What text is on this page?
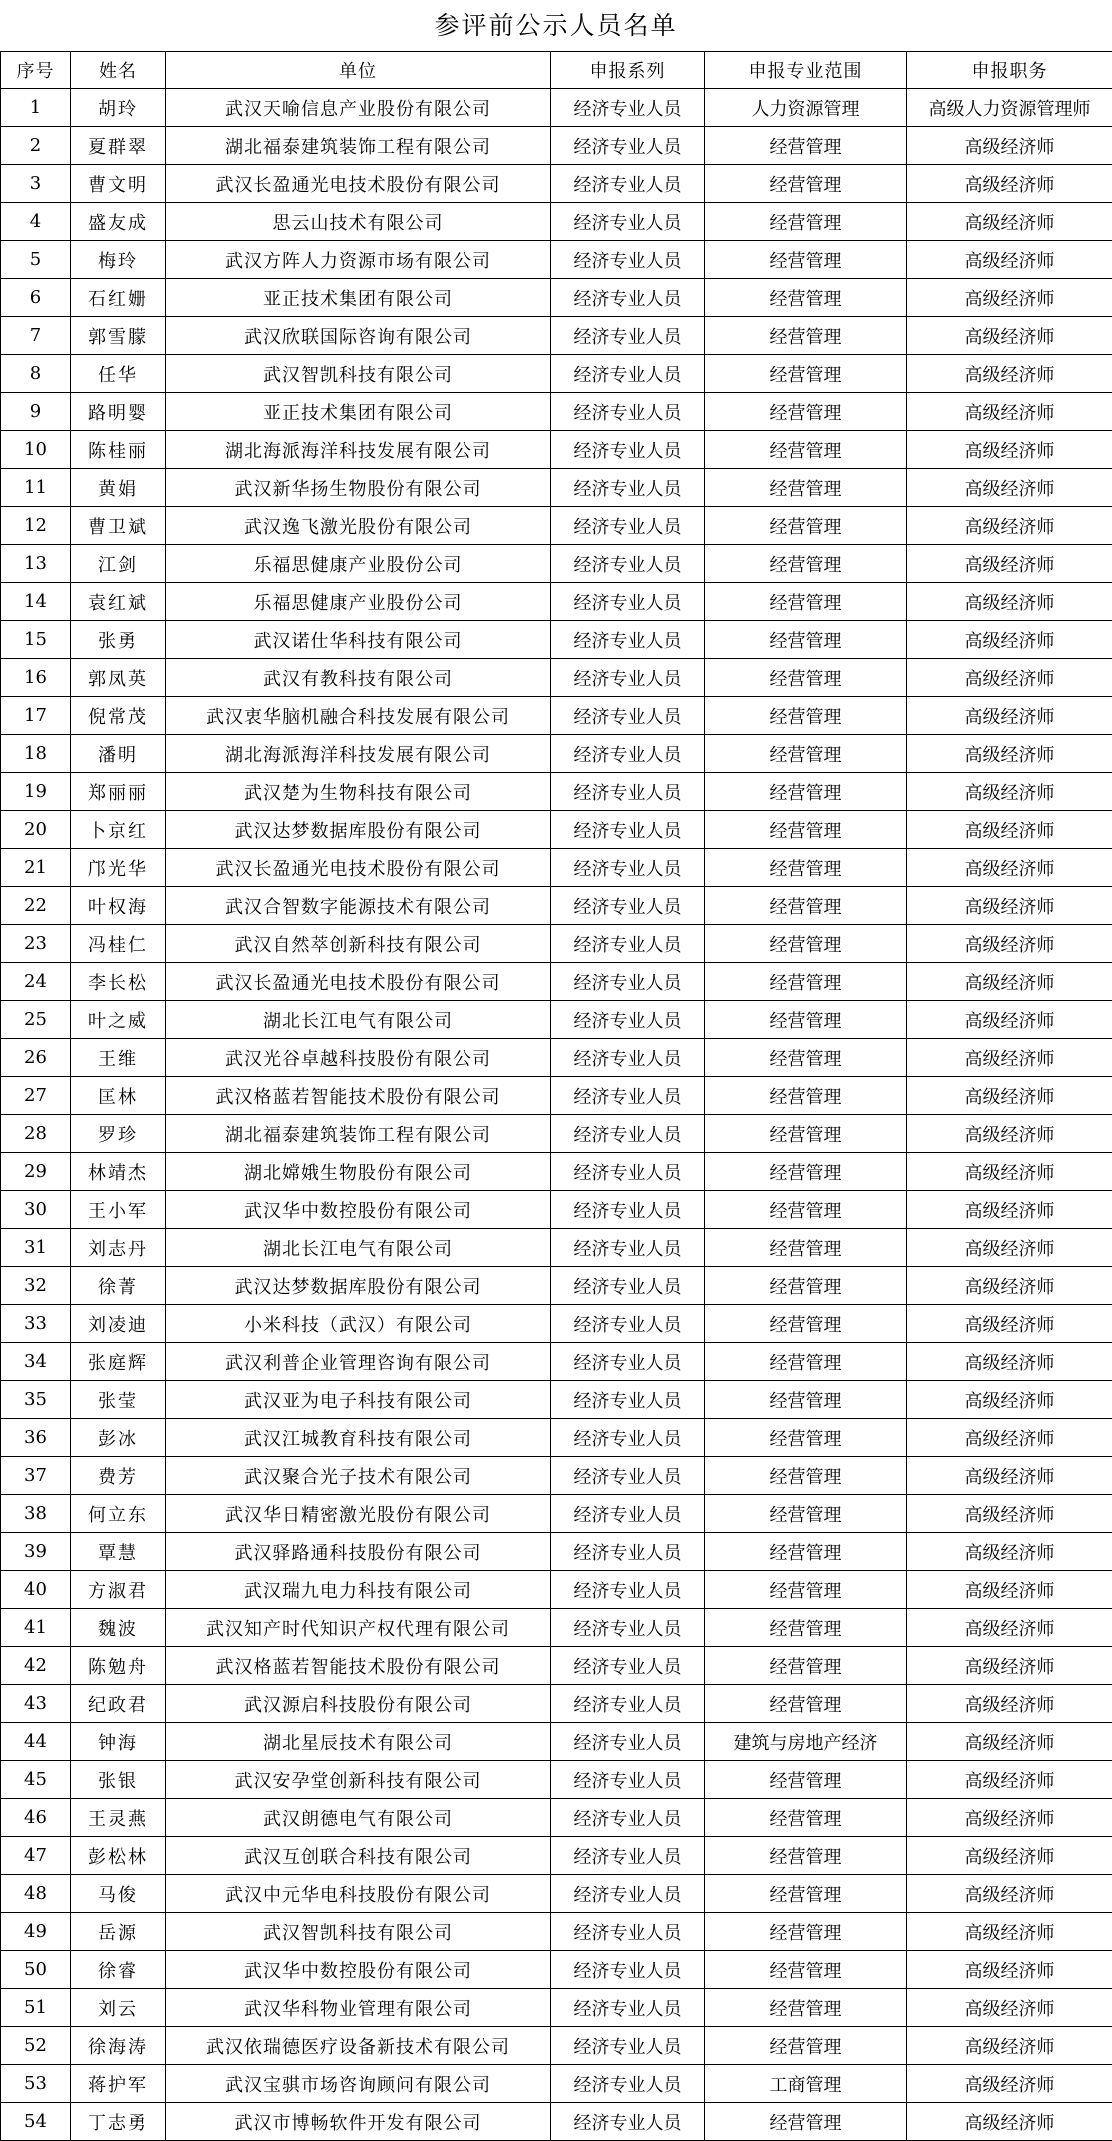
参评前公示人员名单
序号	姓名	单位	申报系列	申报专业范围	申报职务
1	胡玲	武汉天喻信息产业股份有限公司	经济专业人员	人力资源管理	高级人力资源管理师
2	夏群翠	湖北福泰建筑装饰工程有限公司	经济专业人员	经营管理	高级经济师
3	曹文明	武汉长盈通光电技术股份有限公司	经济专业人员	经营管理	高级经济师
4	盛友成	思云山技术有限公司	经济专业人员	经营管理	高级经济师
5	梅玲	武汉方阵人力资源市场有限公司	经济专业人员	经营管理	高级经济师
6	石红姗	亚正技术集团有限公司	经济专业人员	经营管理	高级经济师
7	郭雪朦	武汉欣联国际咨询有限公司	经济专业人员	经营管理	高级经济师
8	任华	武汉智凯科技有限公司	经济专业人员	经营管理	高级经济师
9	路明婴	亚正技术集团有限公司	经济专业人员	经营管理	高级经济师
10	陈桂丽	湖北海派海洋科技发展有限公司	经济专业人员	经营管理	高级经济师
11	黄娟	武汉新华扬生物股份有限公司	经济专业人员	经营管理	高级经济师
12	曹卫斌	武汉逸飞激光股份有限公司	经济专业人员	经营管理	高级经济师
13	江剑	乐福思健康产业股份公司	经济专业人员	经营管理	高级经济师
14	袁红斌	乐福思健康产业股份公司	经济专业人员	经营管理	高级经济师
15	张勇	武汉诺仕华科技有限公司	经济专业人员	经营管理	高级经济师
16	郭凤英	武汉有教科技有限公司	经济专业人员	经营管理	高级经济师
17	倪常茂	武汉衷华脑机融合科技发展有限公司	经济专业人员	经营管理	高级经济师
18	潘明	湖北海派海洋科技发展有限公司	经济专业人员	经营管理	高级经济师
19	郑丽丽	武汉楚为生物科技有限公司	经济专业人员	经营管理	高级经济师
20	卜京红	武汉达梦数据库股份有限公司	经济专业人员	经营管理	高级经济师
21	邝光华	武汉长盈通光电技术股份有限公司	经济专业人员	经营管理	高级经济师
22	叶权海	武汉合智数字能源技术有限公司	经济专业人员	经营管理	高级经济师
23	冯桂仁	武汉自然萃创新科技有限公司	经济专业人员	经营管理	高级经济师
24	李长松	武汉长盈通光电技术股份有限公司	经济专业人员	经营管理	高级经济师
25	叶之威	湖北长江电气有限公司	经济专业人员	经营管理	高级经济师
26	王维	武汉光谷卓越科技股份有限公司	经济专业人员	经营管理	高级经济师
27	匡林	武汉格蓝若智能技术股份有限公司	经济专业人员	经营管理	高级经济师
28	罗珍	湖北福泰建筑装饰工程有限公司	经济专业人员	经营管理	高级经济师
29	林靖杰	湖北嫦娥生物股份有限公司	经济专业人员	经营管理	高级经济师
30	王小军	武汉华中数控股份有限公司	经济专业人员	经营管理	高级经济师
31	刘志丹	湖北长江电气有限公司	经济专业人员	经营管理	高级经济师
32	徐菁	武汉达梦数据库股份有限公司	经济专业人员	经营管理	高级经济师
33	刘凌迪	小米科技（武汉）有限公司	经济专业人员	经营管理	高级经济师
34	张庭辉	武汉利普企业管理咨询有限公司	经济专业人员	经营管理	高级经济师
35	张莹	武汉亚为电子科技有限公司	经济专业人员	经营管理	高级经济师
36	彭冰	武汉江城教育科技有限公司	经济专业人员	经营管理	高级经济师
37	费芳	武汉聚合光子技术有限公司	经济专业人员	经营管理	高级经济师
38	何立东	武汉华日精密激光股份有限公司	经济专业人员	经营管理	高级经济师
39	覃慧	武汉驿路通科技股份有限公司	经济专业人员	经营管理	高级经济师
40	方淑君	武汉瑞九电力科技有限公司	经济专业人员	经营管理	高级经济师
41	魏波	武汉知产时代知识产权代理有限公司	经济专业人员	经营管理	高级经济师
42	陈勉舟	武汉格蓝若智能技术股份有限公司	经济专业人员	经营管理	高级经济师
43	纪政君	武汉源启科技股份有限公司	经济专业人员	经营管理	高级经济师
44	钟海	湖北星辰技术有限公司	经济专业人员	建筑与房地产经济	高级经济师
45	张银	武汉安孕堂创新科技有限公司	经济专业人员	经营管理	高级经济师
46	王灵燕	武汉朗德电气有限公司	经济专业人员	经营管理	高级经济师
47	彭松林	武汉互创联合科技有限公司	经济专业人员	经营管理	高级经济师
48	马俊	武汉中元华电科技股份有限公司	经济专业人员	经营管理	高级经济师
49	岳源	武汉智凯科技有限公司	经济专业人员	经营管理	高级经济师
50	徐睿	武汉华中数控股份有限公司	经济专业人员	经营管理	高级经济师
51	刘云	武汉华科物业管理有限公司	经济专业人员	经营管理	高级经济师
52	徐海涛	武汉依瑞德医疗设备新技术有限公司	经济专业人员	经营管理	高级经济师
53	蒋护军	武汉宝骐市场咨询顾问有限公司	经济专业人员	工商管理	高级经济师
54	丁志勇	武汉市博畅软件开发有限公司	经济专业人员	经营管理	高级经济师
